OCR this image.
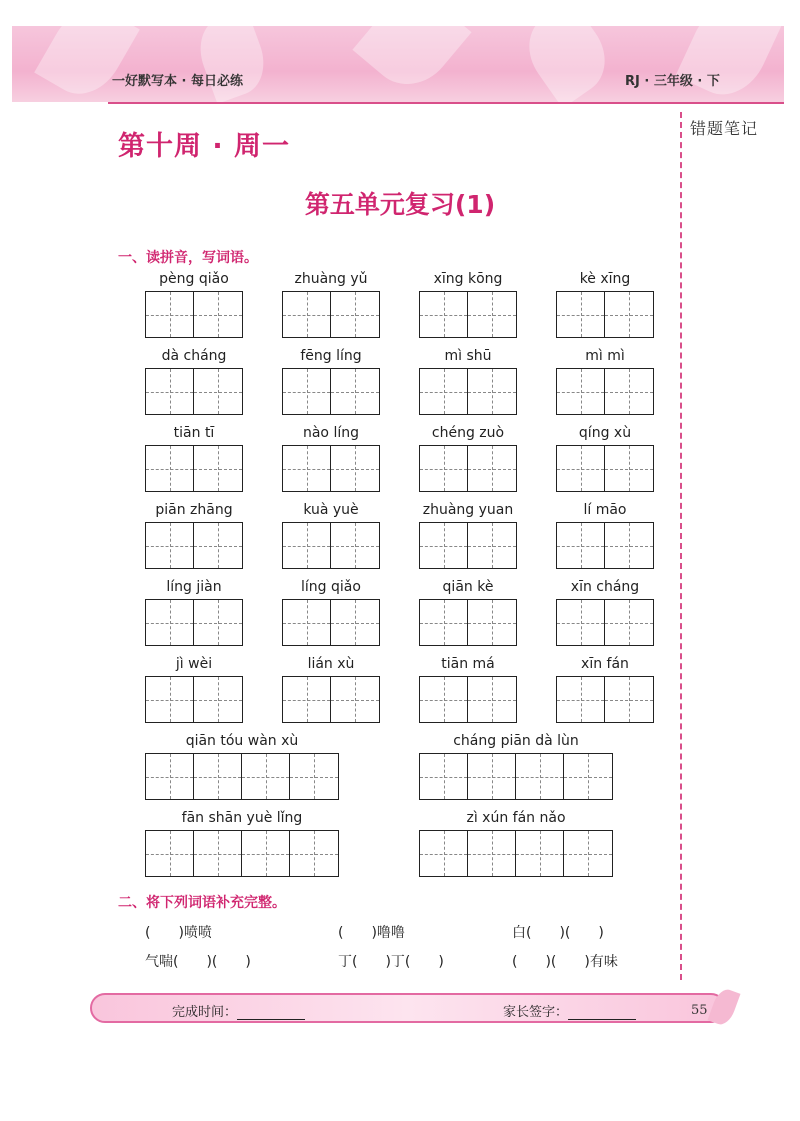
一好默写本 · 每日必练	RJ · 三年级 · 下
错题笔记
第十周 · 周一
第五单元复习(1)
一、读拼音，写词语。
pèng qiǎo	zhuàng yǔ	xīng kōng	kè xīng
dà cháng	fēng líng	mì shū	mì mì
tiān tī	nào líng	chéng zuò	qíng xù
piān zhāng	kuà yuè	zhuàng yuan	lí māo
líng jiàn	líng qiǎo	qiān kè	xīn cháng
jì wèi	lián xù	tiān má	xīn fán
qiān tóu wàn xù	cháng piān dà lùn
fān shān yuè lǐng	zì xún fán nǎo
二、将下列词语补充完整。
(　　)喷喷	(　　)噜噜	白(　　)(　　)
气喘(　　)(　　)	丁(　　)丁(　　)	(　　)(　　)有味
完成时间：	家长签字：	55
